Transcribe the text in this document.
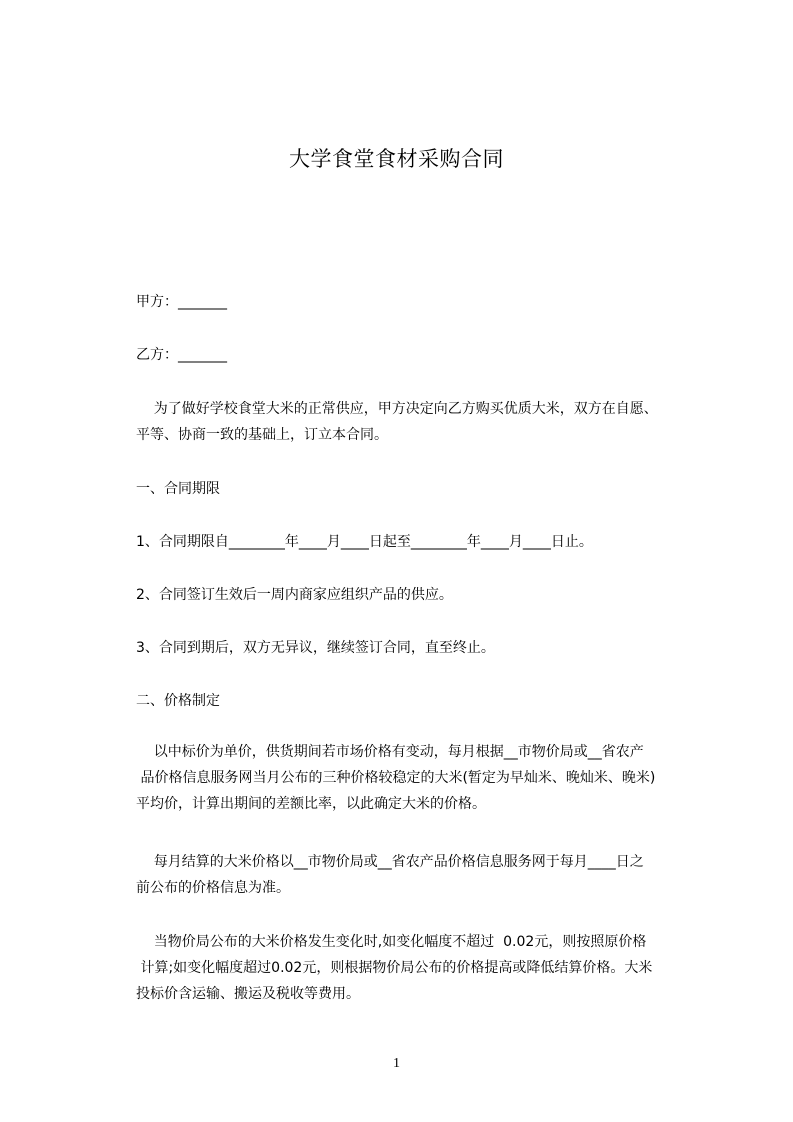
大学食堂食材采购合同
甲方：_______
乙方：_______
为了做好学校食堂大米的正常供应，甲方决定向乙方购买优质大米，双方在自愿、
平等、协商一致的基础上，订立本合同。
一、合同期限
1、合同期限自________年____月____日起至________年____月____日止。
2、合同签订生效后一周内商家应组织产品的供应。
3、合同到期后，双方无异议，继续签订合同，直至终止。
二、价格制定
以中标价为单价，供货期间若市场价格有变动，每月根据__市物价局或__省农产
品价格信息服务网当月公布的三种价格较稳定的大米(暂定为早灿米、晚灿米、晚米)
平均价，计算出期间的差额比率，以此确定大米的价格。
每月结算的大米价格以__市物价局或__省农产品价格信息服务网于每月____日之
前公布的价格信息为准。
当物价局公布的大米价格发生变化时,如变化幅度不超过  0.02元，则按照原价格
计算;如变化幅度超过0.02元，则根据物价局公布的价格提高或降低结算价格。大米
投标价含运输、搬运及税收等费用。
1
